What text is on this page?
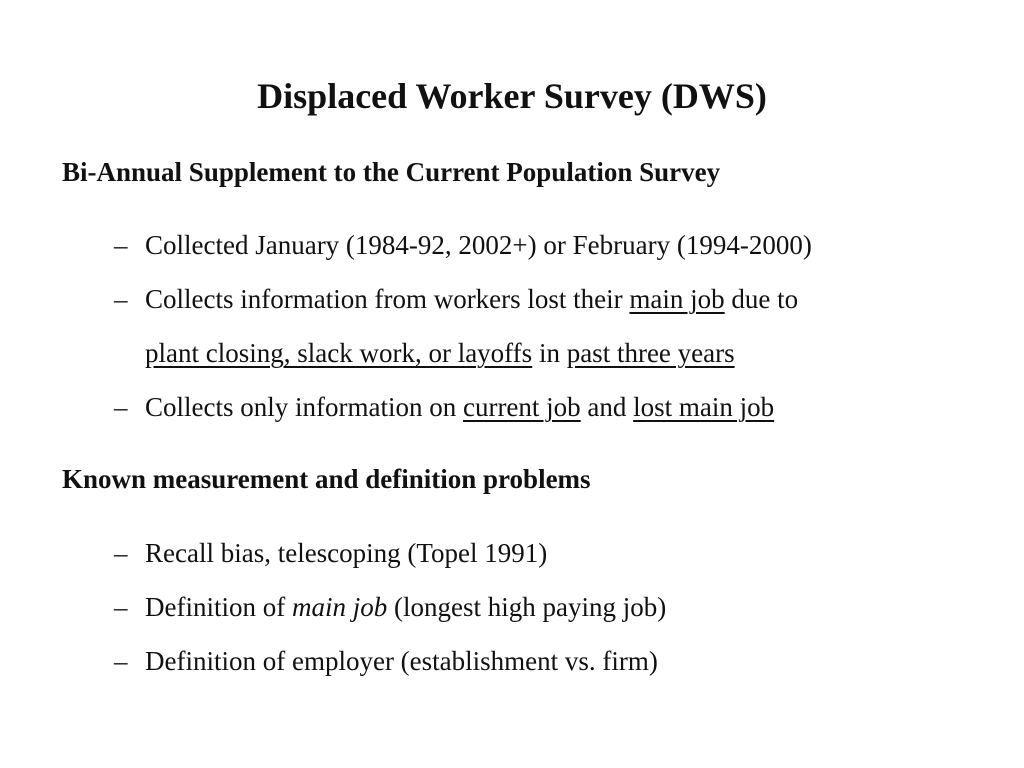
Displaced Worker Survey (DWS)
Bi-Annual Supplement to the Current Population Survey
– Collected January (1984-92, 2002+) or February (1994-2000)
– Collects information from workers lost their main job due to
plant closing, slack work, or layoffs in past three years
– Collects only information on current job and lost main job
Known measurement and definition problems
– Recall bias, telescoping (Topel 1991)
– Definition of main job (longest high paying job)
– Definition of employer (establishment vs. firm)
